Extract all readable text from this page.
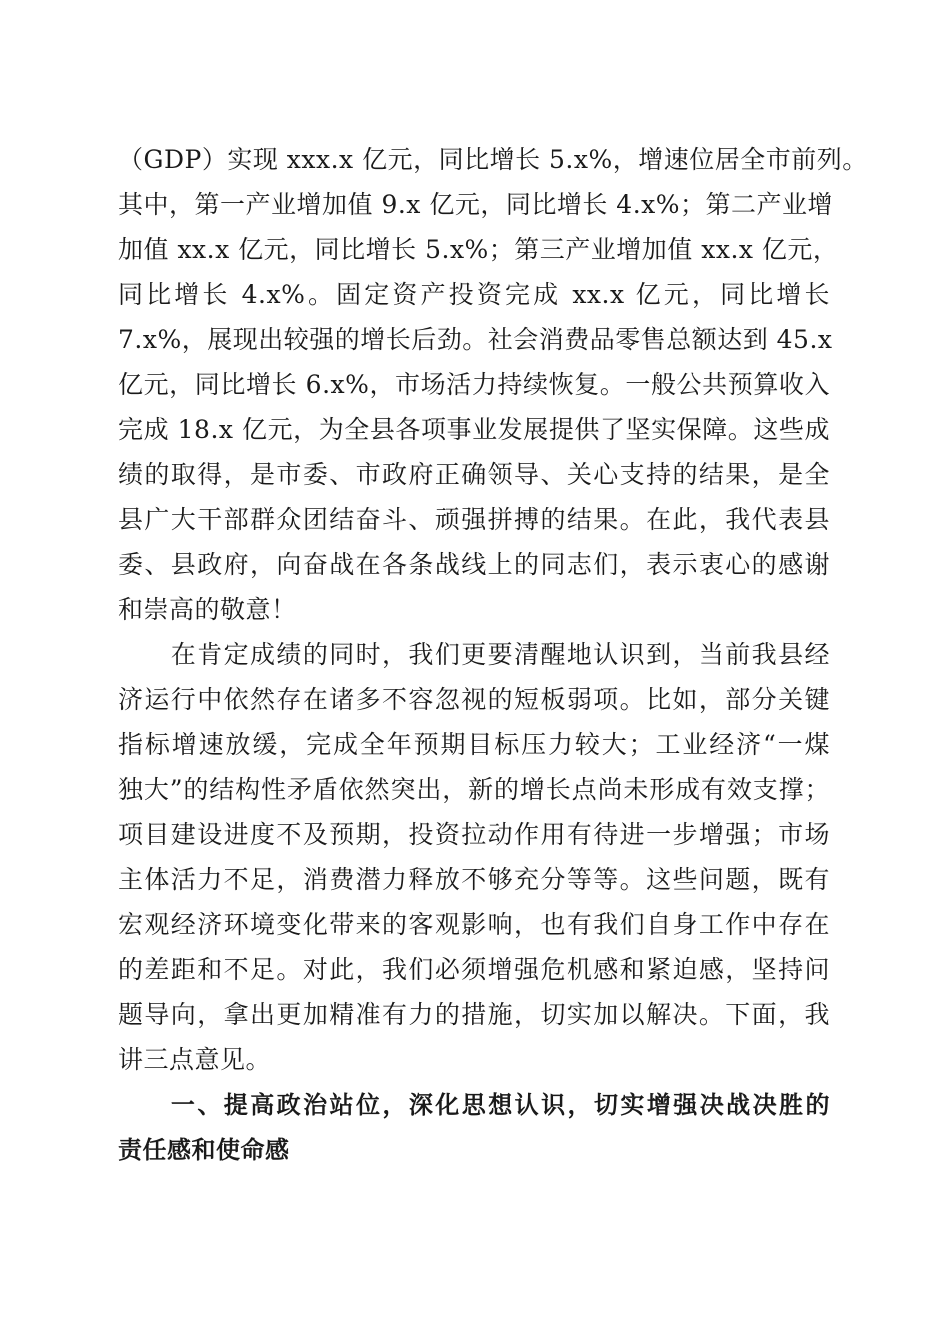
（GDP）实现 xxx.x 亿元，同比增长 5.x%，增速位居全市前列。
其中，第一产业增加值 9.x 亿元，同比增长 4.x%；第二产业增
加值 xx.x 亿元，同比增长 5.x%；第三产业增加值 xx.x 亿元，
同比增长 4.x%。固定资产投资完成 xx.x 亿元，同比增长
7.x%，展现出较强的增长后劲。社会消费品零售总额达到 45.x
亿元，同比增长 6.x%，市场活力持续恢复。一般公共预算收入
完成 18.x 亿元，为全县各项事业发展提供了坚实保障。这些成
绩的取得，是市委、市政府正确领导、关心支持的结果，是全
县广大干部群众团结奋斗、顽强拼搏的结果。在此，我代表县
委、县政府，向奋战在各条战线上的同志们，表示衷心的感谢
和崇高的敬意！
　　在肯定成绩的同时，我们更要清醒地认识到，当前我县经
济运行中依然存在诸多不容忽视的短板弱项。比如，部分关键
指标增速放缓，完成全年预期目标压力较大；工业经济“一煤
独大”的结构性矛盾依然突出，新的增长点尚未形成有效支撑；
项目建设进度不及预期，投资拉动作用有待进一步增强；市场
主体活力不足，消费潜力释放不够充分等等。这些问题，既有
宏观经济环境变化带来的客观影响，也有我们自身工作中存在
的差距和不足。对此，我们必须增强危机感和紧迫感，坚持问
题导向，拿出更加精准有力的措施，切实加以解决。下面，我
讲三点意见。
　　一、提高政治站位，深化思想认识，切实增强决战决胜的
责任感和使命感
